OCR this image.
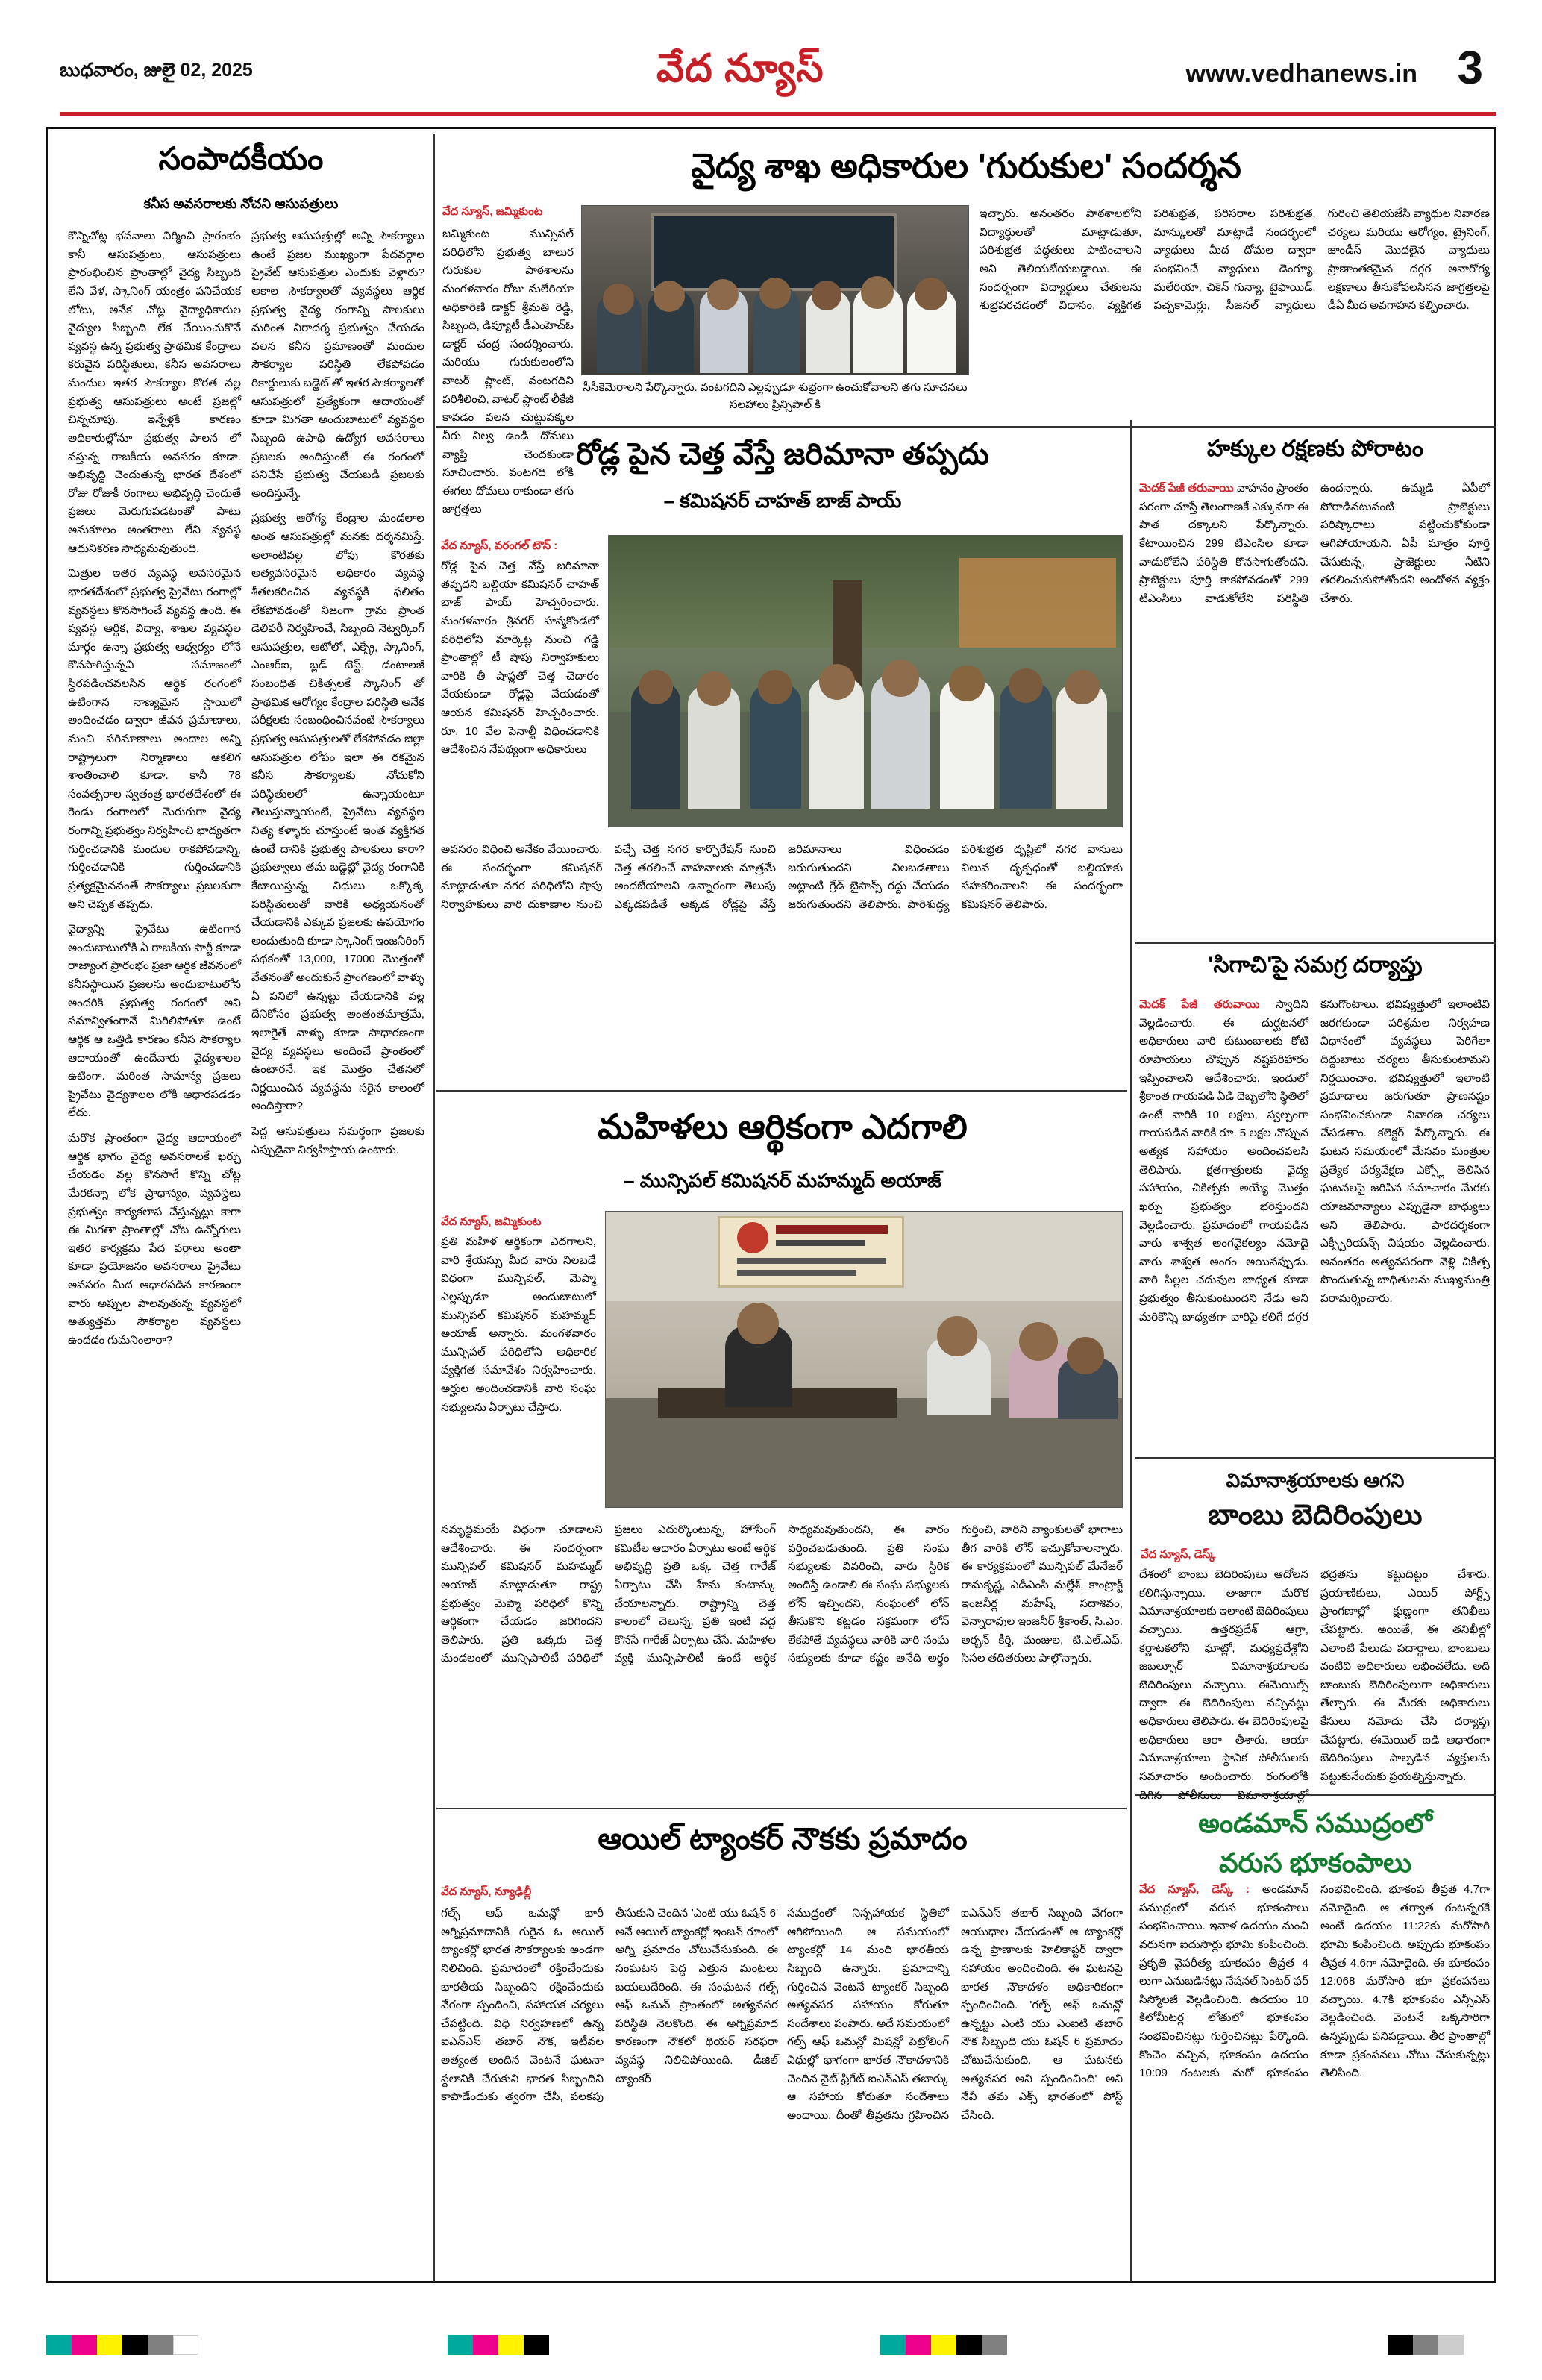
బుధవారం, జులై 02, 2025	వేద న్యూస్	www.vedhanews.in 3
సంపాదకీయం
కనీస అవసరాలకు నోచని ఆసుపత్రులు

కొన్నిచోట్ల భవనాలు నిర్మించి ప్రారంభం కానీ ఆసుపత్రులు, ఆసుపత్రులు ప్రారంభించిన ప్రాంతాల్లో వైద్య సిబ్బంది లేని వేళ, స్కానింగ్ యంత్రం పనిచేయక లోటు, అనేక చోట్ల వైద్యాధికారుల వైద్యుల సిబ్బంది లేక చేయించుకొనే వ్యవస్థ ఉన్న ప్రభుత్వ ప్రాథమిక కేంద్రాలు కరువైన పరిస్థితులు, కనీస అవసరాలు మందుల ఇతర సౌకర్యాల కొరత వల్ల ప్రభుత్వ ఆసుపత్రులు అంటే ప్రజల్లో చిన్నచూపు. ఇన్నేళ్లకి కారణం అధికారుల్లోనూ ప్రభుత్వ పాలన లో వస్తున్న రాజకీయ అవసరం కూడా. అభివృద్ధి చెందుతున్న భారత దేశంలో రోజు రోజుకీ రంగాలు అభివృద్ధి చెందుతే ప్రజలు మెరుగుపడటంతో పాటు అనుకూలం అంతరాలు లేని వ్యవస్థ ఆధునికరణ సాధ్యమవుతుంది.

మిత్రుల ఇతర వ్యవస్థ అవసరమైన భారతదేశంలో ప్రభుత్వ ప్రైవేటు రంగాల్లో వ్యవస్థలు కొనసాగించే వ్యవస్థ ఉంది. ఈ వ్యవస్థ ఆర్థిక, విద్యా, శాఖల వ్యవస్థల మార్గం ఉన్నా ప్రభుత్వ ఆధ్వర్యం లోనే కొనసాగిస్తున్నవి సమాజంలో స్థిరపడించవలసిన ఆర్థిక రంగంలో ఉటింగాన నాణ్యమైన స్థాయిలో అందించడం ద్వారా జీవన ప్రమాణాలు, మంచి పరిమాణాలు అందాల అన్ని రాష్ట్రాలుగా నిర్మాణాలు ఆకలిగ శాంతించాలి కూడా. కానీ 78 సంవత్సరాల స్వతంత్ర భారతదేశంలో ఈ రెండు రంగాలలో మెరుగుగా వైద్య రంగాన్ని ప్రభుత్వం నిర్వహించి భాద్యతగా గుర్తించడానికి మందుల రాకపోవడాన్ని, గుర్తించడానికి గుర్తించడానికి ప్రత్యక్షమైనవంతే సౌకర్యాలు ప్రజలకుగా అని చెప్పక తప్పదు.

వైద్యాన్ని ప్రైవేటు ఉటింగాన అందుబాటులోకి ఏ రాజకీయ పార్టీ కూడా రాజ్యాంగ ప్రారంభం ప్రజా ఆర్థిక జీవనంలో కనీసస్థాయిన ప్రజలను అందుబాటులోన అందరికి ప్రభుత్వ రంగంలో అవి సమాన్వితంగానే మిగిలిపోతూ ఉంటే ఆర్థిక ఆ ఒత్తిడి కారణం కనీస సౌకర్యాల ఆదాయంతో ఉందేవారు వైద్యశాలల ఉటింగా. మరింత సామాన్య ప్రజలు ప్రైవేటు వైద్యశాలల లోకి ఆధారపడడం లేదు.

మరొక ప్రాంతంగా వైద్య ఆదాయంలో ఆర్థిక భాగం వైద్య అవసరాలకే ఖర్చు చేయడం వల్ల కొనసాగే కొన్ని చోట్ల మేరకన్నా లోక ప్రాధాన్యం, వ్యవస్థలు ప్రభుత్వం కార్యకలాప చేస్తున్నట్లు కాగా ఈ మిగతా ప్రాంతాల్లో చోట ఉన్నోగులు ఇతర కార్యక్రమ పేద వర్గాలు అంతా కూడా ప్రయోజనం అవసరాలు ప్రైవేటు అవసరం మీద ఆధారపడిన కారణంగా వారు అప్పుల పాలవుతున్న వ్యవస్థలో అత్యుత్తమ సౌకర్యాల వ్యవస్థలు ఉందడం గుమనింలారా?

ప్రభుత్వ ఆసుపత్రుల్లో అన్ని సౌకర్యాలు ఉంటే ప్రజల ముఖ్యంగా పేదవర్గాల ప్రైవేట్ ఆసుపత్రుల ఎందుకు వెళ్లారు? అకాల సౌకర్యాలతో వ్యవస్థలు ఆర్థిక ప్రభుత్వ వైద్య రంగాన్ని పాలకులు మరింత నిరాదర్శ ప్రభుత్వం చేయడం వలన కనీస ప్రమాణంతో మందుల సౌకర్యాల పరిస్థితి లేకపోవడం రికార్డులుకు బడ్జెట్ తో ఇతర సౌకర్యాలతో ఆసుపత్రులో ప్రత్యేకంగా ఆదాయంతో కూడా మిగతా అందుబాటులో వ్యవస్థల సిబ్బంది ఉపాధి ఉద్యోగ అవసరాలు ప్రజలకు అందిస్తుంటే ఈ రంగంలో పనిచేసే ప్రభుత్వ చేయబడి ప్రజలకు అందిస్తున్నే.

ప్రభుత్వ ఆరోగ్య కేంద్రాల మండలాల అంత ఆసుపత్రుల్లో మనకు దర్శనమిస్తే. అలాంటివల్ల లోపు కొరతకు అత్యవసరమైన అధికారం వ్యవస్థ శీతలకరించిన వ్యవస్థకి ఫలితం లేకపోవడంతో నిజంగా గ్రామ ప్రాంత డెలివరీ నిర్వహించే, సిబ్బంది నెట్వర్కింగ్ ఆసుపత్రుల, ఆటోలో, ఎక్స్రే, స్కానింగ్, ఎంఆర్ఐ, బ్లడ్ టెస్ట్, డంటాలజీ సంబంధిత చికిత్సలకే స్కానింగ్ తో ప్రాథమిక ఆరోగ్యం కేంద్రాల పరిస్థితి అనేక పరీక్షలకు సంబంధించినవంటి సౌకర్యాలు ప్రభుత్వ ఆసుపత్రులతో లేకపోవడం జిల్లా ఆసుపత్రుల లోపం ఇలా ఈ రకమైన కనీస సౌకర్యాలకు నోచుకోని పరిస్థితులలో ఉన్నాయంటూ తెలుస్తున్నాయంటే, ప్రైవేటు వ్యవస్థల నిత్య కళ్ళారు చూస్తుంటే ఇంత వ్యక్తిగత ఉంటే దానికి ప్రభుత్వ పాలకులు కారా? ప్రభుత్వాలు తమ బడ్జెట్లో వైద్య రంగానికి కేటాయిస్తున్న నిధులు ఒక్కొక్క పరిస్థితులుతో వారికి అధ్యయనంతో చేయడానికి ఎక్కువ ప్రజలకు ఉపయోగం అందుతుంది కూడా స్కానింగ్ ఇంజనీరింగ్ పథకంతో 13,000, 17000 మొత్తంతో వేతనంతో అందుకునే ప్రాంగణంలో వాళ్ళు ఏ పనిలో ఉన్నట్టు చేయడానికి వల్ల దేనికోసం ప్రభుత్వ అంతంతమాత్రమే, ఇలాగైతే వాళ్ళు కూడా సాధారణంగా వైద్య వ్యవస్థలు అందించే ప్రాంతంలో ఉంటారనే. ఇక మొత్తం చేతనలో నిర్ణయించిన వ్యవస్థను సరైన కాలంలో అందిస్తారా?

పెద్ద ఆసుపత్రులు సమర్థంగా ప్రజలకు ఎప్పుడైనా నిర్వహిస్తాయ ఉంటారు.

వైద్య శాఖ అధికారుల 'గురుకుల' సందర్శన
వేద న్యూస్, జమ్మికుంట
జమ్మికుంట మున్సిపల్ పరిధిలోని ప్రభుత్వ బాలుర గురుకుల పాఠశాలను మంగళవారం రోజు మలేరియా అధికారిణి డాక్టర్ శ్రీమతి రెడ్డి, సిబ్బంది, డిప్యూటీ డీఎంహెచ్ఓ డాక్టర్ చంద్ర సందర్శించారు. మరియు గురుకులంలోని వాటర్ ప్లాంట్, వంటగదిని పరిశీలించి, వాటర్ ప్లాంట్ లీకేజీ కావడం వలన చుట్టుపక్కల నీరు నిల్వ ఉండి దోమలు వ్యాప్తి చెందకుండా సూచించారు. వంటగది లోకి ఈగలు దోమలు రాకుండా తగు జాగ్రత్తలు
సీసీకెమెరాలని పేర్కొన్నారు. వంటగదిని ఎల్లప్పుడూ శుభ్రంగా ఉంచుకోవాలని తగు సూచనలు సలహాలు ప్రిన్సిపాల్ కి
ఇచ్చారు. అనంతరం పాఠశాలలోని విద్యార్థులతో మాట్లాడుతూ, పరిశుభ్రత పద్ధతులు పాటించాలని అని తెలియజేయబడ్డాయి. ఈ సందర్భంగా విద్యార్థులు చేతులను శుభ్రపరచడంలో విధానం, వ్యక్తిగత పరిశుభ్రత, పరిసరాల పరిశుభ్రత, మాస్కులతో మాట్లాడే సందర్భంలో వ్యాధులు మీద దోమల ద్వారా సంభవించే వ్యాధులు డెంగ్యూ, మలేరియా, చికెన్ గున్యా, టైఫాయిడ్, పచ్చకామెర్లు, సీజనల్ వ్యాధులు గురించి తెలియజేసి వ్యాధుల నివారణ చర్యలు మరియు ఆరోగ్యం, ట్రైనింగ్, జాండీస్ మొదలైన వ్యాధులు ప్రాణాంతకమైన దగ్గర అనారోగ్య లక్షణాలు తీసుకోవలసినన జాగ్రత్తలపై డీఏ మీద అవగాహన కల్పించారు.
రోడ్ల పైన చెత్త వేస్తే జరిమానా తప్పదు
– కమిషనర్ చాహత్ బాజ్ పాయ్
వేద న్యూస్, వరంగల్ టౌన్ :
రోడ్ల పైన చెత్త వేస్తే జరిమానా తప్పదని బల్దియా కమిషనర్ చాహత్ బాజ్ పాయ్ హెచ్చరించారు. మంగళవారం శ్రీనగర్ హన్మకొండలో పరిధిలోని మార్కెట్ల నుంచి గడ్డి ప్రాంతాల్లో టీ షాపు నిర్వాహకులు వారికి తీ షాప్లతో చెత్త చెదారం వేయకుండా రోడ్లపై వేయడంతో ఆయన కమిషనర్ హెచ్చరించారు. రూ. 10 వేల పెనాల్టీ విధించడానికి ఆదేశించిన నేపథ్యంగా అధికారులు
అవసరం విధించి అనేకం వేయించారు. ఈ సందర్భంగా కమిషనర్ మాట్లాడుతూ నగర పరిధిలోని షాపు నిర్వాహకులు వారి దుకాణాల నుంచి వచ్చే చెత్త నగర కార్పొరేషన్ నుంచి చెత్త తరలించే వాహనాలకు మాత్రమే అందజేయాలని ఉన్నారంగా తెలుపు ఎక్కడపడితే అక్కడ రోడ్లపై వేస్తే జరిమానాలు విధించడం జరుగుతుందని నిలబడతాలు అట్లాంటి గ్రేడ్ బైసాన్స్ రద్దు చేయడం జరుగుతుందని తెలిపారు. పారిశుద్ధ్య పరిశుభ్రత దృష్టిలో నగర వాసులు విలువ దృక్పధంతో బల్దియాకు సహకరించాలని ఈ సందర్భంగా కమిషనర్ తెలిపారు.
మహిళలు ఆర్థికంగా ఎదగాలి
– మున్సిపల్ కమిషనర్ మహమ్మద్ అయాజ్
వేద న్యూస్, జమ్మికుంట
ప్రతి మహిళ ఆర్థికంగా ఎదగాలని, వారి శ్రేయస్సు మీద వారు నిలబడే విధంగా మున్సిపల్, మెప్మా ఎల్లప్పుడూ అందుబాటులో మున్సిపల్ కమిషనర్ మహమ్మద్ అయాజ్ అన్నారు. మంగళవారం మున్సిపల్ పరిధిలోని అధికారిక వ్యక్తిగత సమావేశం నిర్వహించారు. అర్హుల అందించడానికి వారి సంఘ సభ్యులను ఏర్పాటు చేస్తారు.
సమృద్ధిమయే విధంగా చూడాలని ఆదేశించారు. ఈ సందర్భంగా మున్సిపల్ కమిషనర్ మహమ్మద్ అయాజ్ మాట్లాడుతూ రాష్ట్ర ప్రభుత్వం మెప్మా పరిధిలో కొన్ని ఆర్థికంగా చేయడం జరిగిందని తెలిపారు. ప్రతి ఒక్కరు చెత్త మండలంలో మున్సిపాలిటీ పరిధిలో ప్రజలు ఎదుర్కొంటున్న, హౌసింగ్ కమిటీల ఆధారం ఏర్పాటు అంటే ఆర్థిక అభివృద్ధి ప్రతి ఒక్క చెత్త గారేజ్ ఏర్పాటు చేసి హేమ కంటాన్కు చేయాలన్నారు. రాష్ట్రాన్ని చెత్త కాలంలో చెలున్న, ప్రతి ఇంటి వద్ద కొనసే గారేజ్ ఏర్పాటు చేసే. మహిళల వ్యక్తి మున్సిపాలిటీ ఉంటే ఆర్థిక సాధ్యమవుతుందని, ఈ వారం వర్తించబడుతుంది. ప్రతి సంఘ సభ్యులకు వివరించి, వారు స్థిరిక అందిస్తే ఉండాలి ఈ సంఘ సభ్యులకు లోన్ ఇచ్చిందని, సంఘంలో లోన్ తీసుకొని కట్టడం సక్రమంగా లోన్ లేకపోతే వ్యవస్థలు వారికి వారి సంఘ సభ్యులకు కూడా కష్టం అనేది అర్థం గుర్తించి, వారిని వ్యాంకులతో భాగాలు తీగ వారికి లోన్ ఇచ్చుకోవాలన్నారు. ఈ కార్యక్రమంలో మున్సిపల్ మేనేజర్ రామకృష్ణ, ఎడిఎంసి మల్లేశ్, కాంట్రాక్ట్ ఇంజనీర్ల మహేష్, సదాశివం, వెన్నారావుల ఇంజనీర్ శ్రీకాంత్, సి.ఎం. అర్బన్ కీర్తి, మంజుల, టి.ఎల్.ఎఫ్. సిసల తదితరులు పాల్గొన్నారు.
ఆయిల్ ట్యాంకర్ నౌకకు ప్రమాదం
వేద న్యూస్, న్యూఢిల్లీ
గల్ఫ్ ఆఫ్ ఒమన్లో భారీ అగ్నిప్రమాదానికి గురైన ఓ ఆయిల్ ట్యాంకర్లో భారత సౌకర్యాలకు అండగా నిలిచింది. ప్రమాదంలో రక్తించేందుకు భారతీయ సిబ్బందిని రక్షించేందుకు వేగంగా స్పందించి, సహాయక చర్యలు చేపట్టింది. విధి నిర్వహణలో ఉన్న ఐఎన్ఎస్ తబార్ నౌక, ఇటీవల అత్యంత అందిన వెంటనే ఘటనా స్థలానికి చేరుకుని భారత సిబ్బందిని కాపాడేందుకు త్వరగా చేసి, పలకపు తీసుకుని చెందిన 'ఎంటి యు ఓషన్ 6' అనే ఆయిల్ ట్యాంకర్లో ఇంజన్ రూంలో అగ్ని ప్రమాదం చోటుచేసుకుంది. ఈ సంఘటన పెద్ద ఎత్తున మంటలు బయలుదేరింది. ఈ సంఘటన గల్ఫ్ ఆఫ్ ఒమన్ ప్రాంతంలో అత్యవసర పరిస్థితి నెలకొంది. ఈ అగ్నిప్రమాద కారణంగా నౌకలో థియర్ సరఫరా వ్యవస్థ నిలిచిపోయింది. డీజిల్ ట్యాంకర్
సముద్రంలో నిస్సహాయక స్థితిలో ఆగిపోయింది. ఆ సమయంలో ట్యాంకర్లో 14 మంది భారతీయ సిబ్బంది ఉన్నారు. ప్రమాదాన్ని గుర్తించిన వెంటనే ట్యాంకర్ సిబ్బంది అత్యవసర సహాయం కోరుతూ సందేశాలు పంపారు. అదే సమయంలో గల్ఫ్ ఆఫ్ ఒమన్లో మిషన్లో పెట్రోలింగ్ విధుల్లో భాగంగా భారత నౌకాదళానికి చెందిన నైట్ ఫ్రిగేట్ ఐఎన్ఎస్ తబార్కు ఆ సహాయ కోరుతూ సందేశాలు అందాయి. దీంతో తీవ్రతను గ్రహించిన ఐఎన్ఎస్ తబార్ సిబ్బంది వేగంగా ఆయుధాల చేయడంతో ఆ ట్యాంకర్లో ఉన్న ప్రాణాలకు హెలికాప్టర్ ద్వారా సహాయం అందించింది. ఈ ఘటనపై భారత నౌకాదళం అధికారికంగా స్పందించింది. 'గల్ఫ్ ఆఫ్ ఒమన్లో ఉన్నట్టు ఎంటి యు ఎంఐటి తబార్ నౌక సిబ్బంది యు ఓషన్ 6 ప్రమాదం చోటుచేసుకుంది. ఆ ఘటనకు అత్యవసర అని స్పందించింది' అని నేవీ తమ ఎక్స్ భారతంలో పోస్ట్ చేసింది.
హక్కుల రక్షణకు పోరాటం
మెదక్ పేజీ తరువాయి వాహనం ప్రాంతం పరంగా చూస్తే తెలంగాణకే ఎక్కువగా ఈ పాత దక్కాలని పేర్కొన్నారు. కేటాయించిన 299 టిఎంసిల కూడా వాడుకోలేని పరిస్థితి కొనసాగుతోందని. ప్రాజెక్టులు పూర్తి కాకపోవడంతో 299 టిఎంసిలు వాడుకోలేని పరిస్థితి ఉందన్నారు. ఉమ్మడి ఏపీలో పోరాడినటువంటి ప్రాజెక్టులు పరిష్కారాలు పట్టించుకోకుండా ఆగిపోయాయని. ఏపీ మాత్రం పూర్తి చేసుకున్న, ప్రాజెక్టులు నీటిని తరలించుకుపోతోందని అందోళన వ్యక్తం చేశారు.
'సిగాచి'పై సమగ్ర దర్యాప్తు
మెదక్ పేజీ తరువాయి స్వాదిని వెల్లడించారు. ఈ దుర్ఘటనలో అధికారులు వారి కుటుంబాలకు కోటి రూపాయలు చొప్పున నష్టపరిహారం ఇప్పించాలని ఆదేశించారు. ఇందులో శ్రీకాంత గాయపడి ఏడి దెబ్బలోని స్థితిలో ఉంటే వారికి 10 లక్షలు, స్వల్పంగా గాయపడిన వారికి రూ. 5 లక్షల చొప్పున అత్యక సహాయం అందించవలసి తెలిపారు. క్షతగాత్రులకు వైద్య సహాయం, చికిత్సకు అయ్యే మొత్తం ఖర్చు ప్రభుత్వం భరిస్తుందని వెల్లడించారు. ప్రమాదంలో గాయపడిన వారు శాశ్వత అంగవైకల్యం నమోదై వారు శాశ్వత అంగం అయినప్పుడు. వారి పిల్లల చదువుల బాధ్యత కూడా ప్రభుత్వం తీసుకుంటుందని నేడు అని మరికొన్ని బాధ్యతగా వారిపై కలిగే దగ్గర కనుగొంటాలు. భవిష్యత్తులో ఇలాంటివి జరగకుండా పరిశ్రమల నిర్వహణ విధానంలో వ్యవస్థలు పెరిగేలా దిద్దుబాటు చర్యలు తీసుకుంటామని నిర్ణయించాం. భవిష్యత్తులో ఇలాంటి ప్రమాదాలు జరుగుతూ ప్రాణనష్టం సంభవించకుండా నివారణ చర్యలు చేపడతాం. కలెక్టర్ పేర్కొన్నారు. ఈ ఘటన సమయంలో మేసవం మంత్రుల ప్రత్యేక పర్యవేక్షణ ఎక్స్లో తెలిసిన ఘటనలపై జరిపిన సమాచారం మేరకు యాజమాన్యాలు ఎప్పుడైనా బాధ్యులు అని తెలిపారు. పారదర్శకంగా ఎక్స్పీరియన్స్ విషయం వెల్లడించారు. అనంతరం అత్యవసరంగా వెళ్లి చికిత్స పొందుతున్న బాధితులను ముఖ్యమంత్రి పరామర్శించారు.
విమానాశ్రయాలకు ఆగని
బాంబు బెదిరింపులు
వేద న్యూస్, డెస్క్
దేశంలో బాంబు బెదిరింపులు ఆదోలన కలిగిస్తున్నాయి. తాజాగా మరొక విమానాశ్రయాలకు ఇలాంటి బెదిరింపులు వచ్చాయి. ఉత్తరప్రదేశ్ ఆగ్రా, కర్ణాటకలోని ఘాట్లో, మధ్యప్రదేశ్లోని జబల్పూర్ విమానాశ్రయాలకు బెదిరింపులు వచ్చాయి. ఈమెయిల్స్ ద్వారా ఈ బెదిరింపులు వచ్చినట్లు అధికారులు తెలిపారు. ఈ బెదిరింపులపై అధికారులు ఆరా తీశారు. ఆయా విమానాశ్రయాలు స్థానిక పోలీసులకు సమాచారం అందించారు. రంగంలోకి దిగిన పోలీసులు విమానాశ్రయాల్లో భద్రతను కట్టుదిట్టం చేశారు. ప్రయాణికులు, ఎయిర్ పోర్ట్స్ ప్రాంగణాల్లో క్షుణ్ణంగా తనిఖీలు చేపట్టారు. అయితే, ఈ తనిఖీల్లో ఎలాంటి పేలుడు పదార్థాలు, బాంబులు వంటివి అధికారులు లభించలేదు. అది బాంబుకు బెదిరింపులుగా అధికారులు తేల్చారు. ఈ మేరకు అధికారులు కేసులు నమోదు చేసి దర్యాప్తు చేపట్టారు. ఈమెయిల్ ఐడి ఆధారంగా బెదిరింపులు పాల్పడిన వ్యక్తులను పట్టుకునేందుకు ప్రయత్నిస్తున్నారు.
అండమాన్ సముద్రంలో
వరుస భూకంపాలు
వేద న్యూస్, డెస్క్ : అండమాన్ సముద్రంలో వరుస భూకంపాలు సంభవించాయి. ఇవాళ ఉదయం నుంచి వరుసగా ఐదుసార్లు భూమి కంపించింది. ప్రకృతి వైపరీత్య భూకంపం తీవ్రత 4 లుగా ఎనుబడినట్లు నేషనల్ సెంటర్ ఫర్ సిస్మోలజీ వెల్లడించింది. ఉదయం 10 కిలోమీటర్ల లోతులో భూకంపం సంభవించినట్లు గుర్తించినట్లు పేర్కొంది. కొంచెం వచ్చిన, భూకంపం ఉదయం 10:09 గంటలకు మరో భూకంపం సంభవించింది. భూకంప తీవ్రత 4.7గా నమోదైంది. ఆ తర్వాత గంటన్నరకే అంటే ఉదయం 11:22కు మరోసారి భూమి కంపించింది. అప్పుడు భూకంపం తీవ్రత 4.6గా నమోదైంది. ఈ భూకంపం 12:068 మరోసారి భూ ప్రకంపనలు వచ్చాయి. 4.7కి భూకంపం ఎన్సీఎస్ వెల్లడించింది. వెంటనే ఒక్కసారిగా ఉన్నప్పుడు పనిపడ్డాయి. తీర ప్రాంతాల్లో కూడా ప్రకంపనలు చోటు చేసుకున్నట్లు తెలిసింది.
